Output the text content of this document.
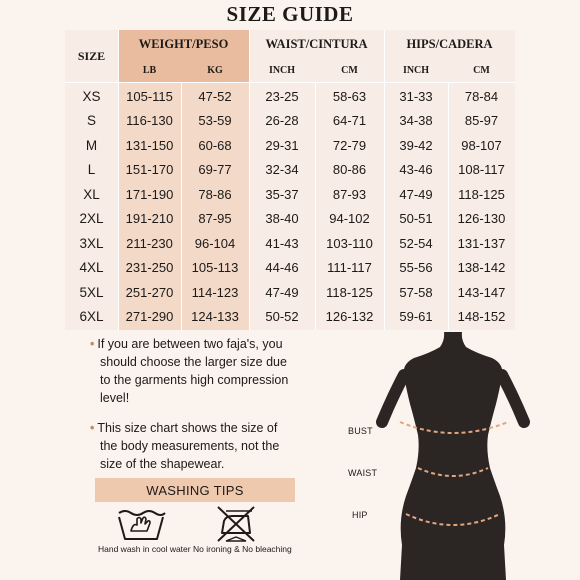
SIZE GUIDE
SIZE
WEIGHT/PESO	WAIST/CINTURA	HIPS/CADERA
LB	KG	INCH	CM	INCH	CM
XS	105-115	47-52	23-25	58-63	31-33	78-84
S	116-130	53-59	26-28	64-71	34-38	85-97
M	131-150	60-68	29-31	72-79	39-42	98-107
L	151-170	69-77	32-34	80-86	43-46	108-117
XL	171-190	78-86	35-37	87-93	47-49	118-125
2XL	191-210	87-95	38-40	94-102	50-51	126-130
3XL	211-230	96-104	41-43	103-110	52-54	131-137
4XL	231-250	105-113	44-46	111-117	55-56	138-142
5XL	251-270	114-123	47-49	118-125	57-58	143-147
6XL	271-290	124-133	50-52	126-132	59-61	148-152
• If you are between two faja's, you
should choose the larger size due
to the garments high compression
level!
• This size chart shows the size of
the body measurements, not the
size of the shapewear.
WASHING TIPS
Hand wash in cool water No ironing & No bleaching
BUST
WAIST
HIP
